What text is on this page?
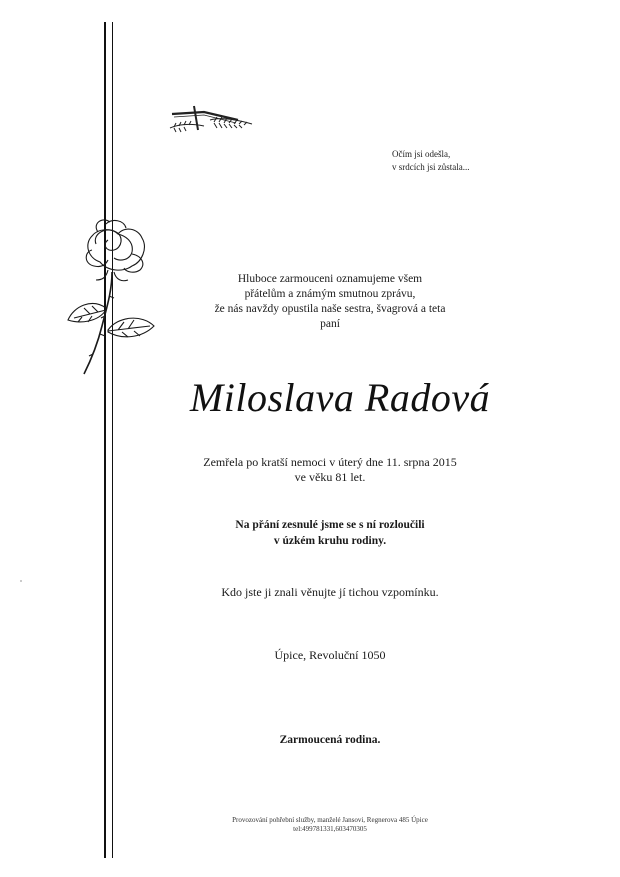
Očím jsi odešla,
v srdcích jsi zůstala...
Hluboce zarmouceni oznamujeme všem
přátelům a známým smutnou zprávu,
že nás navždy opustila naše sestra, švagrová a teta
paní
Miloslava Radová
Zemřela po kratší nemoci v úterý dne 11. srpna 2015
ve věku 81 let.
Na přání zesnulé jsme se s ní rozloučili
v úzkém kruhu rodiny.
Kdo jste ji znali věnujte jí tichou vzpomínku.
Úpice, Revoluční 1050
Zarmoucená rodina.
Provozování pohřební služby, manželé Jansovi, Regnerova 485 Úpice
tel:499781331,603470305
